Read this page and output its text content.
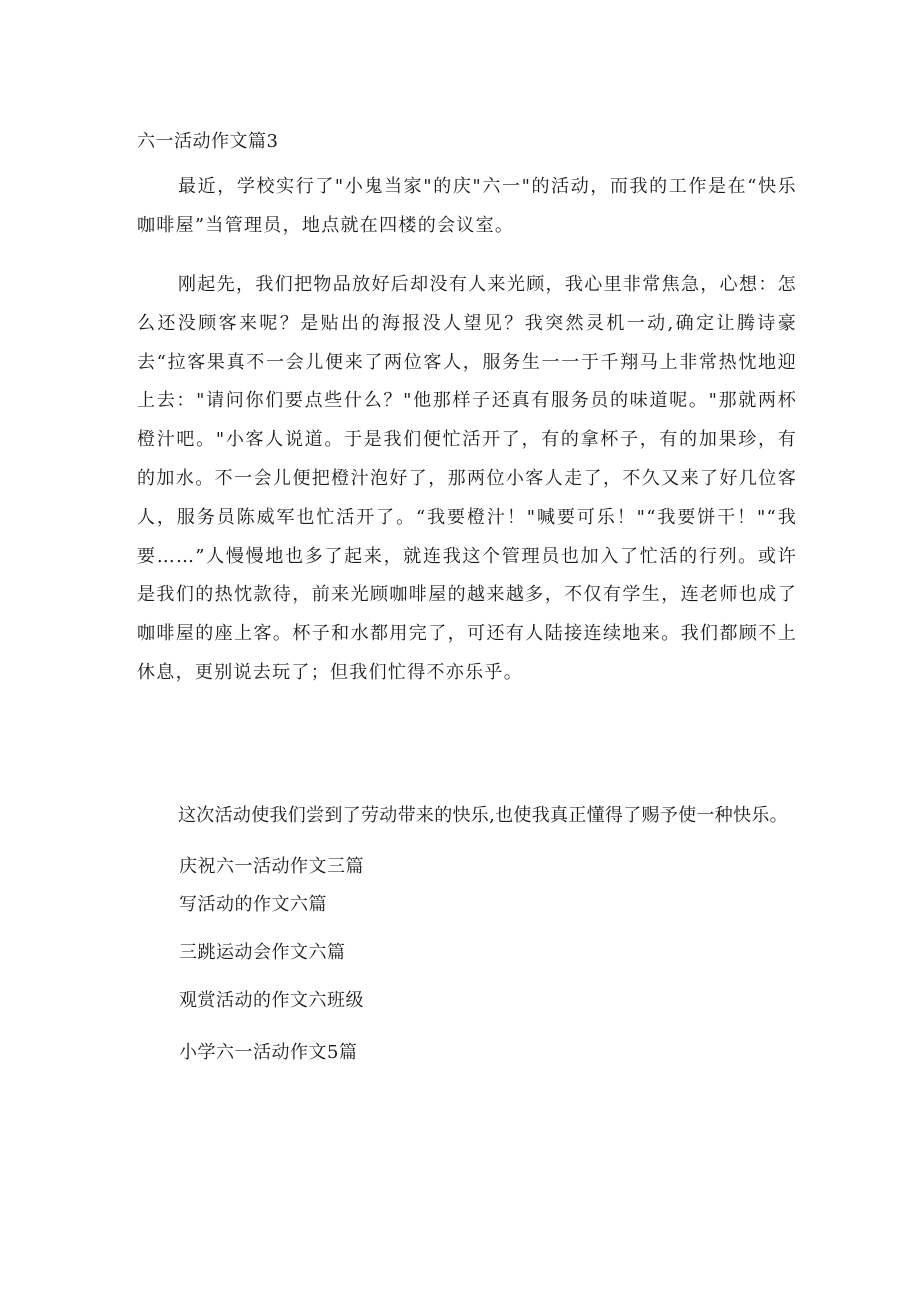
六一活动作文篇3

最近，学校实行了"小鬼当家"的庆"六一"的活动，而我的工作是在“快乐咖啡屋”当管理员，地点就在四楼的会议室。

刚起先，我们把物品放好后却没有人来光顾，我心里非常焦急，心想：怎么还没顾客来呢？是贴出的海报没人望见？我突然灵机一动,确定让腾诗豪去“拉客果真不一会儿便来了两位客人，服务生一一于千翔马上非常热忱地迎上去："请问你们要点些什么？"他那样子还真有服务员的味道呢。"那就两杯橙汁吧。"小客人说道。于是我们便忙活开了，有的拿杯子，有的加果珍，有的加水。不一会儿便把橙汁泡好了，那两位小客人走了，不久又来了好几位客人，服务员陈威军也忙活开了。“我要橙汁！"喊要可乐！"“我要饼干！"“我要……”人慢慢地也多了起来，就连我这个管理员也加入了忙活的行列。或许是我们的热忱款待，前来光顾咖啡屋的越来越多，不仅有学生，连老师也成了咖啡屋的座上客。杯子和水都用完了，可还有人陆接连续地来。我们都顾不上休息，更别说去玩了；但我们忙得不亦乐乎。

这次活动使我们尝到了劳动带来的快乐,也使我真正懂得了赐予使一种快乐。

庆祝六一活动作文三篇
写活动的作文六篇
三跳运动会作文六篇
观赏活动的作文六班级
小学六一活动作文5篇
